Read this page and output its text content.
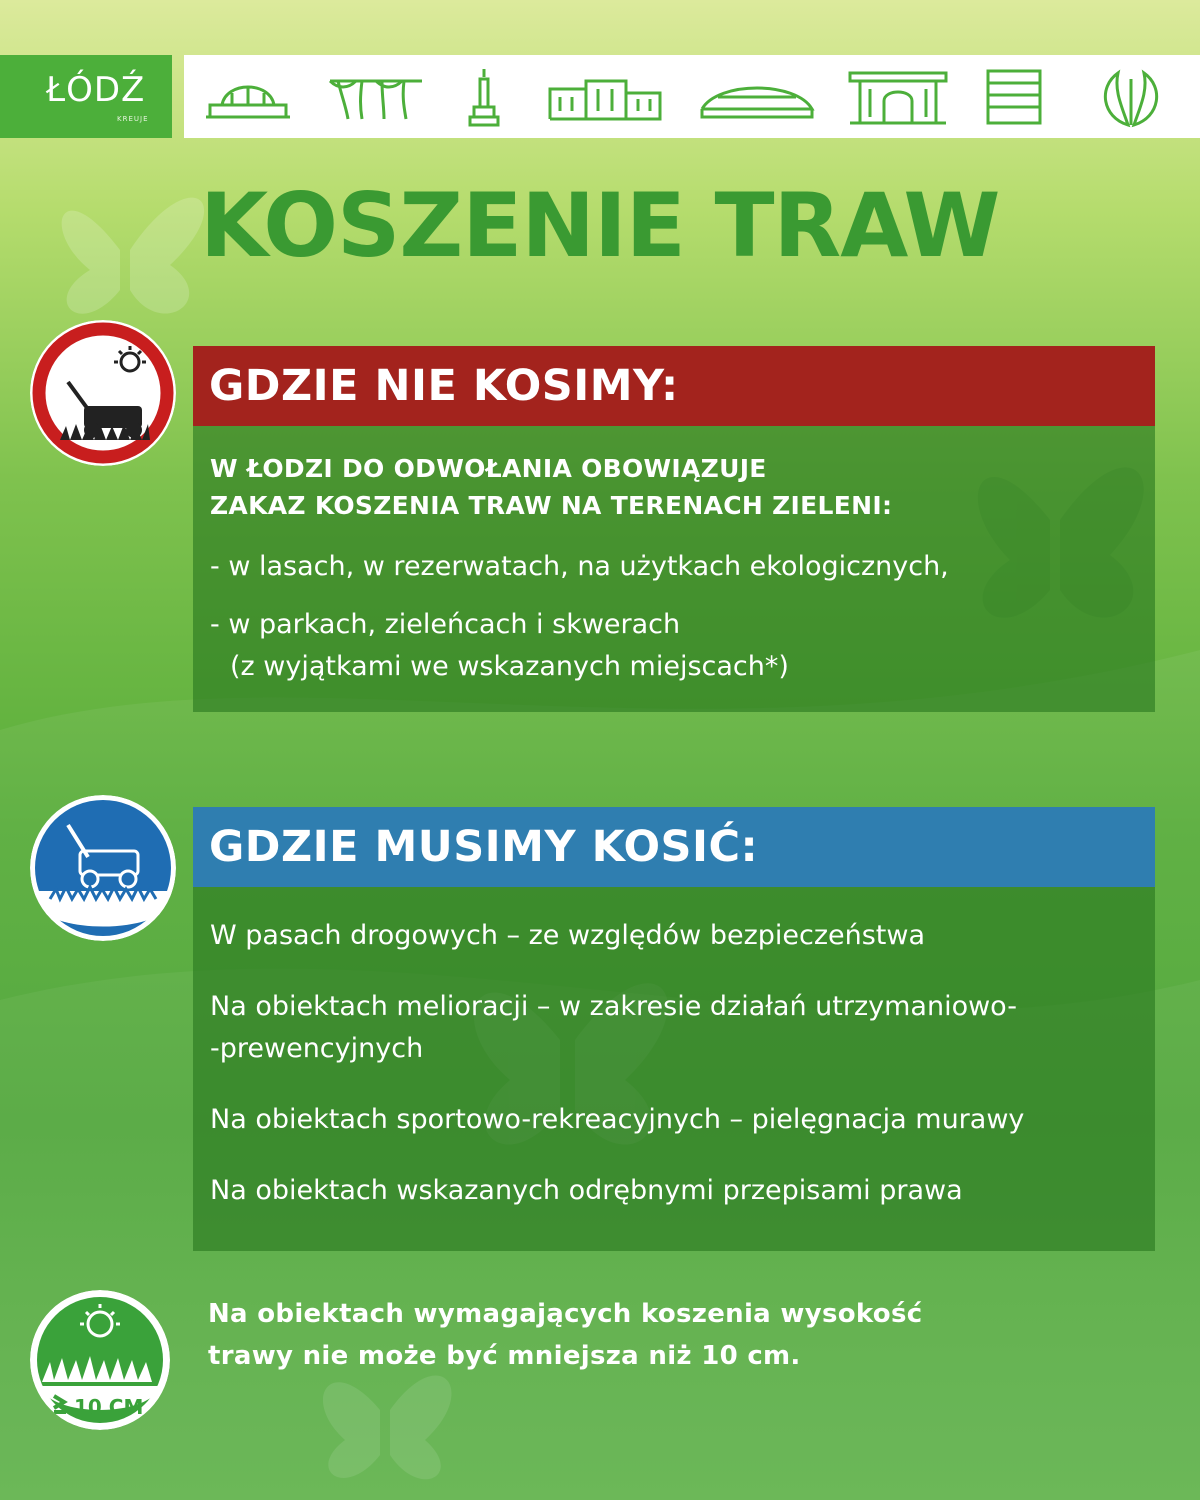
ŁÓDŹ
KREUJE
KOSZENIE TRAW
GDZIE NIE KOSIMY:
W ŁODZI DO ODWOŁANIA OBOWIĄZUJE
ZAKAZ KOSZENIA TRAW NA TERENACH ZIELENI:
- w lasach, w rezerwatach, na użytkach ekologicznych,
- w parkach, zieleńcach i skwerach
(z wyjątkami we wskazanych miejscach*)
GDZIE MUSIMY KOSIĆ:
W pasach drogowych – ze względów bezpieczeństwa
Na obiektach melioracji – w zakresie działań utrzymaniowo-
-prewencyjnych
Na obiektach sportowo-rekreacyjnych – pielęgnacja murawy
Na obiektach wskazanych odrębnymi przepisami prawa
10 CM
Na obiektach wymagających koszenia wysokość
trawy nie może być mniejsza niż 10 cm.
